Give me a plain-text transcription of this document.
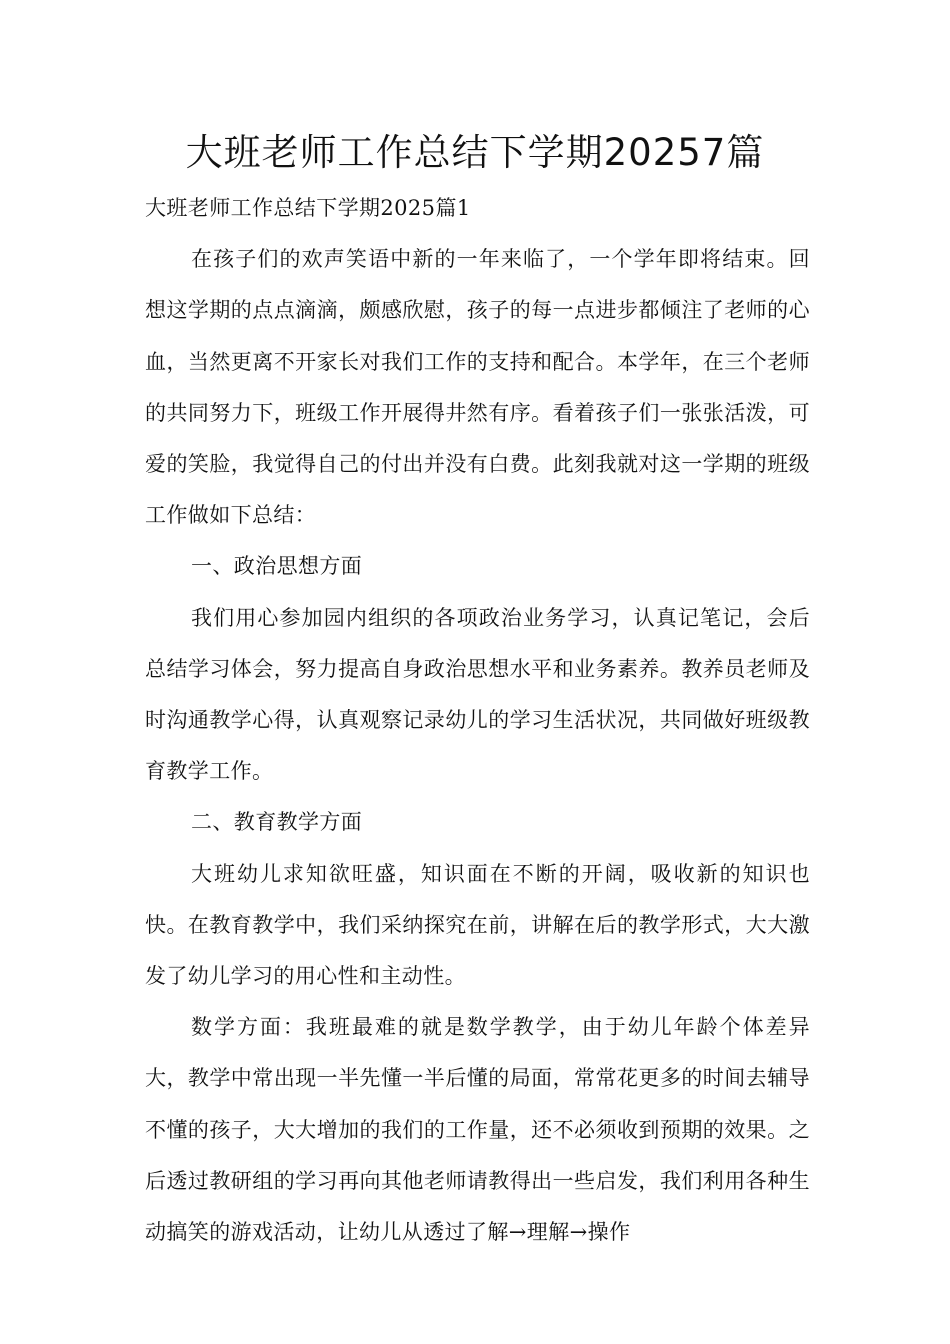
大班老师工作总结下学期20257篇

大班老师工作总结下学期2025篇1

在孩子们的欢声笑语中新的一年来临了，一个学年即将结束。回想这学期的点点滴滴，颇感欣慰，孩子的每一点进步都倾注了老师的心血，当然更离不开家长对我们工作的支持和配合。本学年，在三个老师的共同努力下，班级工作开展得井然有序。看着孩子们一张张活泼，可爱的笑脸，我觉得自己的付出并没有白费。此刻我就对这一学期的班级工作做如下总结：

一、政治思想方面

我们用心参加园内组织的各项政治业务学习，认真记笔记，会后总结学习体会，努力提高自身政治思想水平和业务素养。教养员老师及时沟通教学心得，认真观察记录幼儿的学习生活状况，共同做好班级教育教学工作。

二、教育教学方面

大班幼儿求知欲旺盛，知识面在不断的开阔，吸收新的知识也快。在教育教学中，我们采纳探究在前，讲解在后的教学形式，大大激发了幼儿学习的用心性和主动性。

数学方面：我班最难的就是数学教学，由于幼儿年龄个体差异大，教学中常出现一半先懂一半后懂的局面，常常花更多的时间去辅导不懂的孩子，大大增加的我们的工作量，还不必须收到预期的效果。之后透过教研组的学习再向其他老师请教得出一些启发，我们利用各种生动搞笑的游戏活动，让幼儿从透过了解→理解→操作
